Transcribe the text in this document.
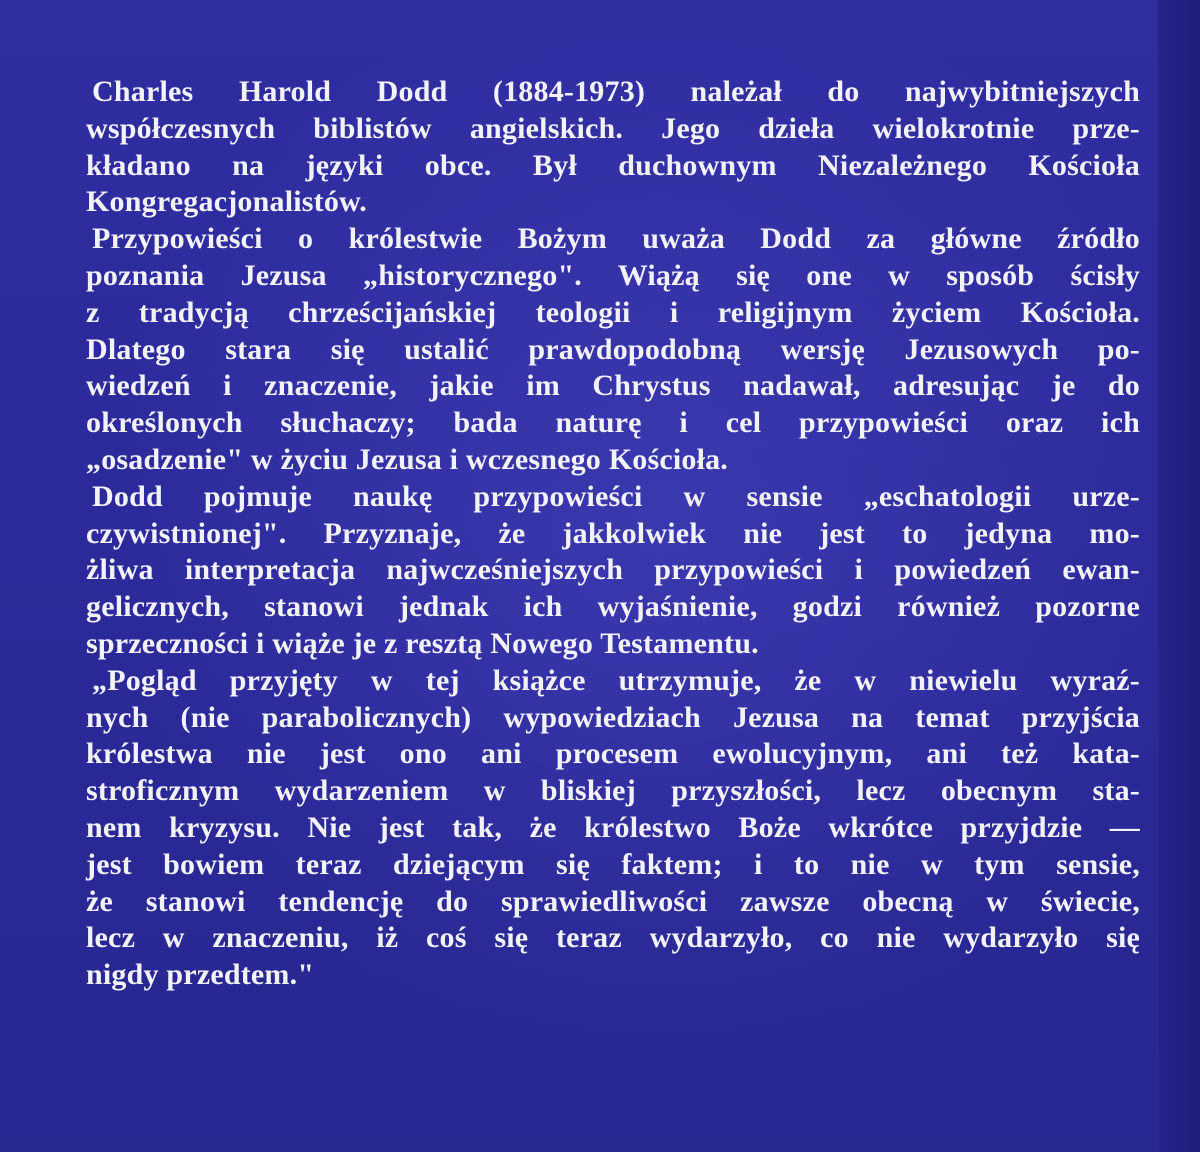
Charles Harold Dodd (1884-1973) należał do najwybitniejszych
współczesnych biblistów angielskich. Jego dzieła wielokrotnie prze-
kładano na języki obce. Był duchownym Niezależnego Kościoła
Kongregacjonalistów.
Przypowieści o królestwie Bożym uważa Dodd za główne źródło
poznania Jezusa „historycznego". Wiążą się one w sposób ścisły
z tradycją chrześcijańskiej teologii i religijnym życiem Kościoła.
Dlatego stara się ustalić prawdopodobną wersję Jezusowych po-
wiedzeń i znaczenie, jakie im Chrystus nadawał, adresując je do
określonych słuchaczy; bada naturę i cel przypowieści oraz ich
„osadzenie" w życiu Jezusa i wczesnego Kościoła.
Dodd pojmuje naukę przypowieści w sensie „eschatologii urze-
czywistnionej". Przyznaje, że jakkolwiek nie jest to jedyna mo-
żliwa interpretacja najwcześniejszych przypowieści i powiedzeń ewan-
gelicznych, stanowi jednak ich wyjaśnienie, godzi również pozorne
sprzeczności i wiąże je z resztą Nowego Testamentu.
„Pogląd przyjęty w tej książce utrzymuje, że w niewielu wyraź-
nych (nie parabolicznych) wypowiedziach Jezusa na temat przyjścia
królestwa nie jest ono ani procesem ewolucyjnym, ani też kata-
stroficznym wydarzeniem w bliskiej przyszłości, lecz obecnym sta-
nem kryzysu. Nie jest tak, że królestwo Boże wkrótce przyjdzie —
jest bowiem teraz dziejącym się faktem; i to nie w tym sensie,
że stanowi tendencję do sprawiedliwości zawsze obecną w świecie,
lecz w znaczeniu, iż coś się teraz wydarzyło, co nie wydarzyło się
nigdy przedtem."
